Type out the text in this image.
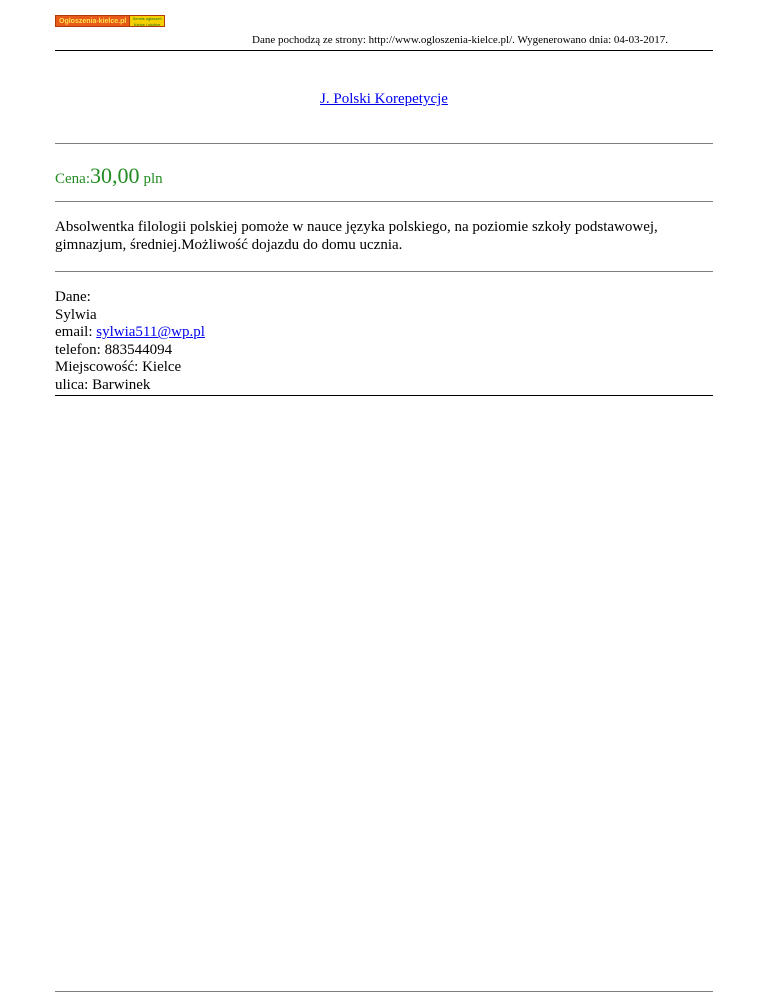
Ogloszenia-kielce.pl	Serwis ogłoszeń Kielce i okolice
Dane pochodzą ze strony: http://www.ogloszenia-kielce.pl/. Wygenerowano dnia: 04-03-2017.
J. Polski Korepetycje
Cena:30,00 pln
Absolwentka filologii polskiej pomoże w nauce języka polskiego, na poziomie szkoły podstawowej, gimnazjum, średniej.Możliwość dojazdu do domu ucznia.
Dane:
Sylwia
email: sylwia511@wp.pl
telefon: 883544094
Miejscowość: Kielce
ulica: Barwinek
